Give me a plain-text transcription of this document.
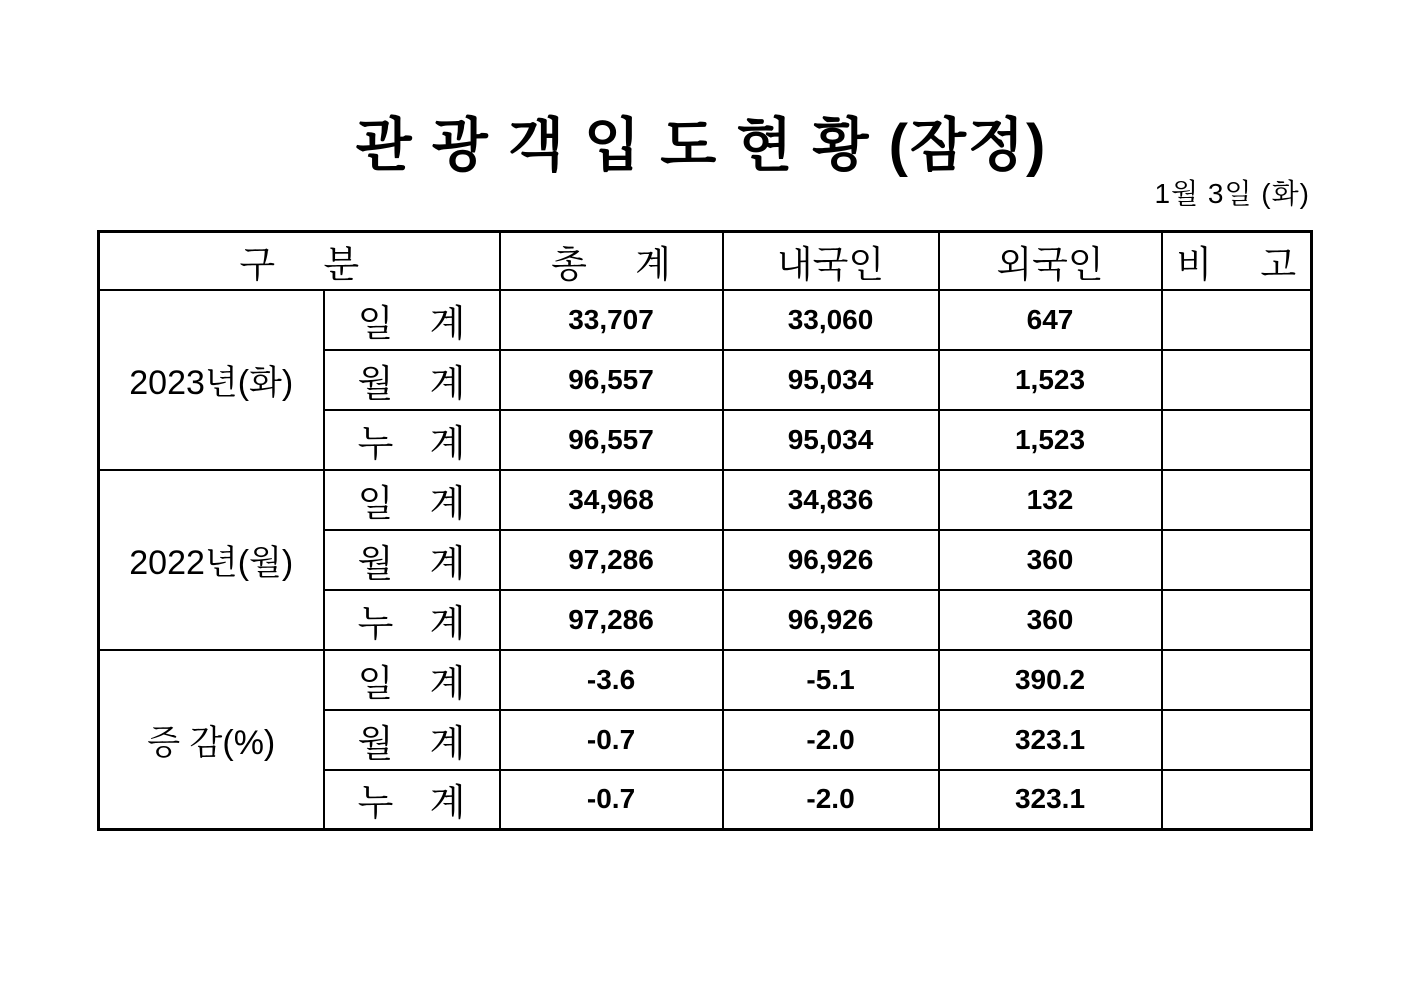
관 광 객 입 도 현 황 (잠정)
1월 3일 (화)
구 분		총 계	내국인	외국인	비 고
2023년(화)	일 계	33,707	33,060	647	
	월 계	96,557	95,034	1,523	
	누 계	96,557	95,034	1,523	
2022년(월)	일 계	34,968	34,836	132	
	월 계	97,286	96,926	360	
	누 계	97,286	96,926	360	
증 감(%)	일 계	-3.6	-5.1	390.2	
	월 계	-0.7	-2.0	323.1	
	누 계	-0.7	-2.0	323.1	
